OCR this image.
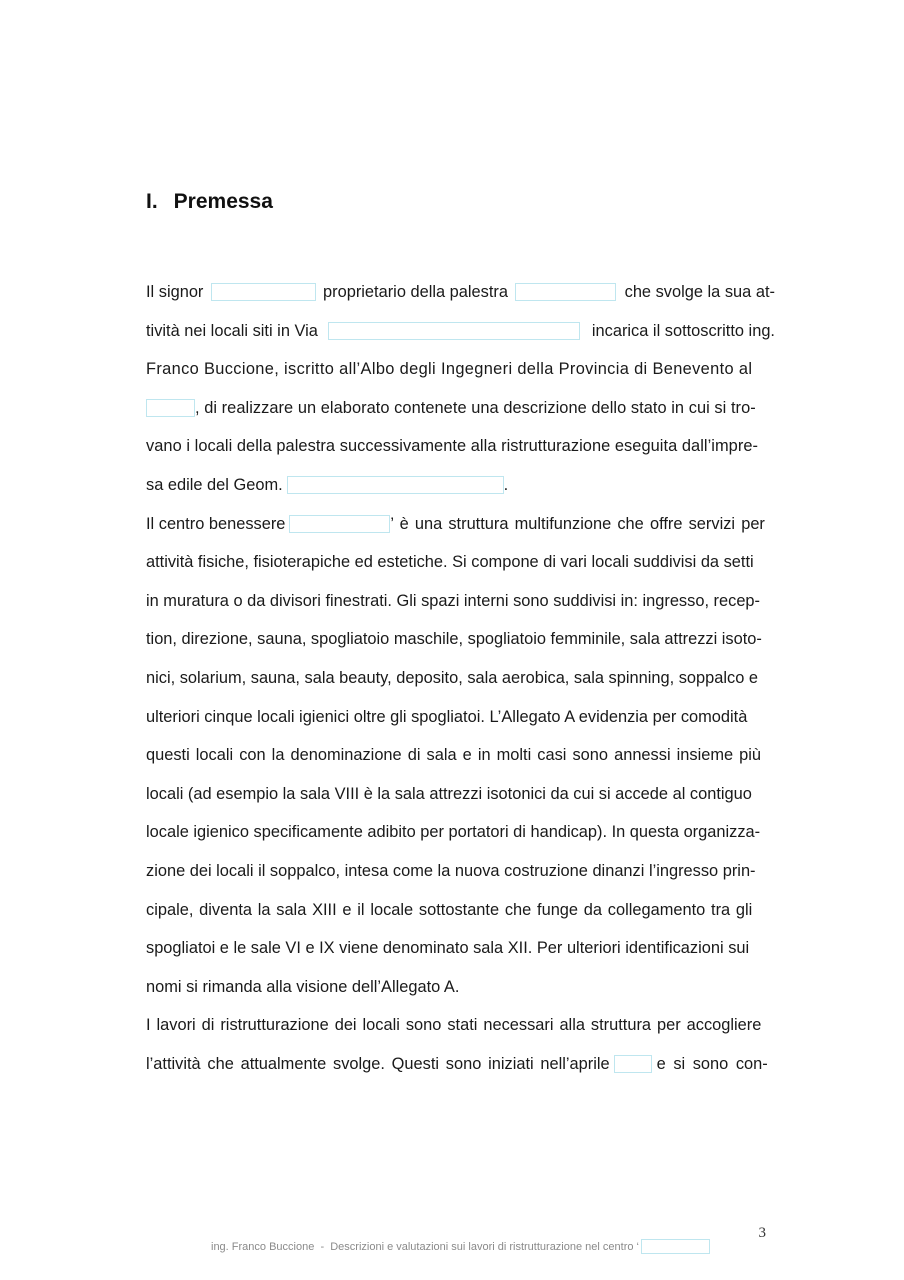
I. Premessa
Il signor	proprietario della palestra	che svolge la sua at-
tività nei locali siti in Via	incarica il sottoscritto ing.
Franco Buccione, iscritto all’Albo degli Ingegneri della Provincia di Benevento al
, di realizzare un elaborato contenete una descrizione dello stato in cui si tro-
vano i locali della palestra successivamente alla ristrutturazione eseguita dall’impre-
sa edile del Geom.	.
Il centro benessere	’ è una struttura multifunzione che offre servizi per
attività fisiche, fisioterapiche ed estetiche. Si compone di vari locali suddivisi da setti
in muratura o da divisori finestrati. Gli spazi interni sono suddivisi in: ingresso, recep-
tion, direzione, sauna, spogliatoio maschile, spogliatoio femminile, sala attrezzi isoto-
nici, solarium, sauna, sala beauty, deposito, sala aerobica, sala spinning, soppalco e
ulteriori cinque locali igienici oltre gli spogliatoi. L’Allegato A evidenzia per comodità
questi locali con la denominazione di sala e in molti casi sono annessi insieme più
locali (ad esempio la sala VIII è la sala attrezzi isotonici da cui si accede al contiguo
locale igienico specificamente adibito per portatori di handicap). In questa organizza-
zione dei locali il soppalco, intesa come la nuova costruzione dinanzi l’ingresso prin-
cipale, diventa la sala XIII e il locale sottostante che funge da collegamento tra gli
spogliatoi e le sale VI e IX viene denominato sala XII. Per ulteriori identificazioni sui
nomi si rimanda alla visione dell’Allegato A.
I lavori di ristrutturazione dei locali sono stati necessari alla struttura per accogliere
l’attività che attualmente svolge. Questi sono iniziati nell’aprile	e si sono con-
3
ing. Franco Buccione  -  Descrizioni e valutazioni sui lavori di ristrutturazione nel centro ‘
